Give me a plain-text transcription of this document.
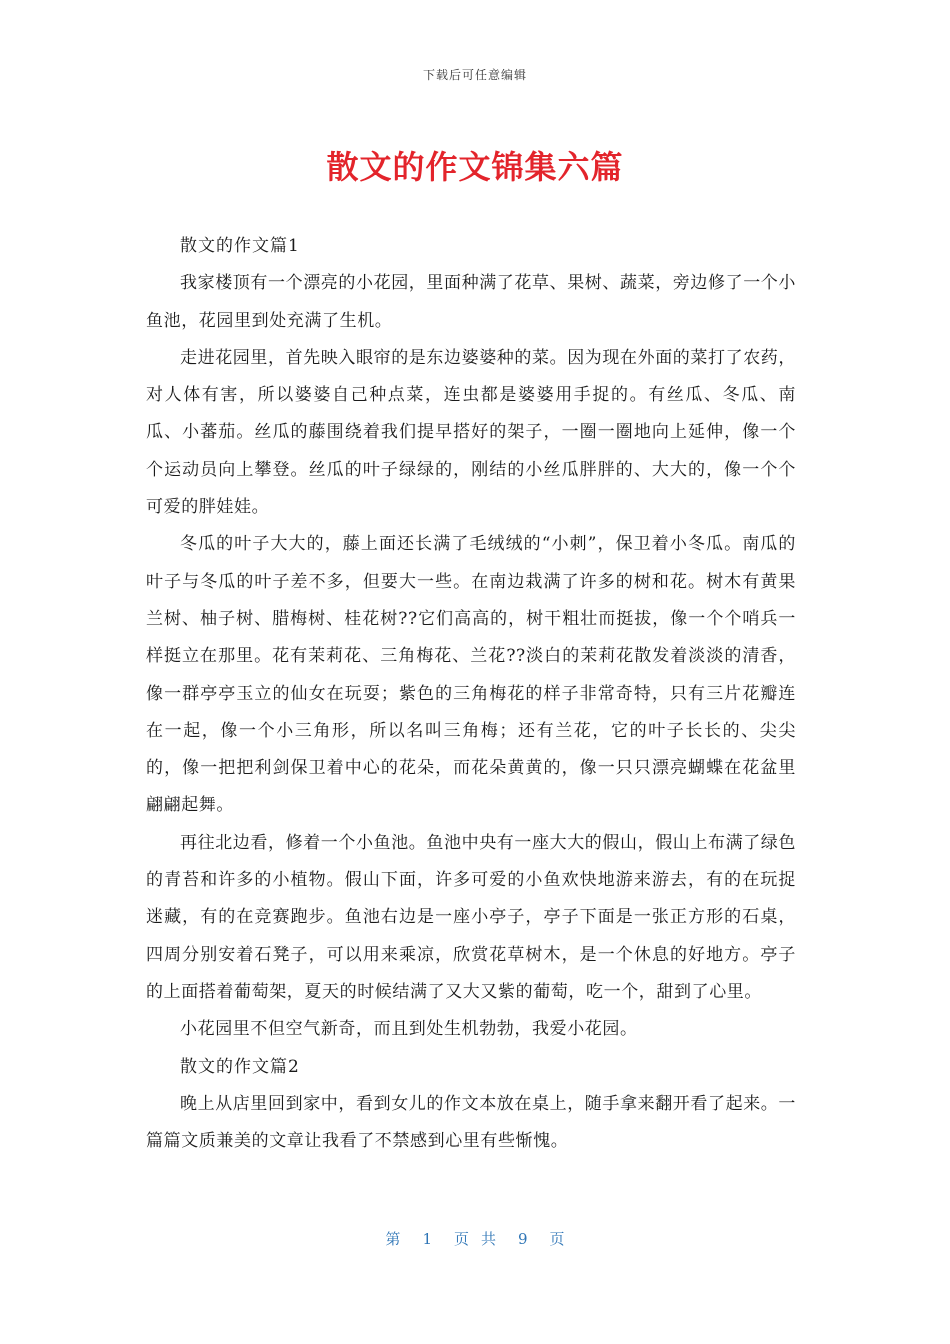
下载后可任意编辑
散文的作文锦集六篇

散文的作文篇1

我家楼顶有一个漂亮的小花园，里面种满了花草、果树、蔬菜，旁边修了一个小鱼池，花园里到处充满了生机。

走进花园里，首先映入眼帘的是东边婆婆种的菜。因为现在外面的菜打了农药，对人体有害，所以婆婆自己种点菜，连虫都是婆婆用手捉的。有丝瓜、冬瓜、南瓜、小蕃茄。丝瓜的藤围绕着我们提早搭好的架子，一圈一圈地向上延伸，像一个个运动员向上攀登。丝瓜的叶子绿绿的，刚结的小丝瓜胖胖的、大大的，像一个个可爱的胖娃娃。

冬瓜的叶子大大的，藤上面还长满了毛绒绒的“小刺”，保卫着小冬瓜。南瓜的叶子与冬瓜的叶子差不多，但要大一些。在南边栽满了许多的树和花。树木有黄果兰树、柚子树、腊梅树、桂花树??它们高高的，树干粗壮而挺拔，像一个个哨兵一样挺立在那里。花有茉莉花、三角梅花、兰花??淡白的茉莉花散发着淡淡的清香，像一群亭亭玉立的仙女在玩耍；紫色的三角梅花的样子非常奇特，只有三片花瓣连在一起，像一个小三角形，所以名叫三角梅；还有兰花，它的叶子长长的、尖尖的，像一把把利剑保卫着中心的花朵，而花朵黄黄的，像一只只漂亮蝴蝶在花盆里翩翩起舞。

再往北边看，修着一个小鱼池。鱼池中央有一座大大的假山，假山上布满了绿色的青苔和许多的小植物。假山下面，许多可爱的小鱼欢快地游来游去，有的在玩捉迷藏，有的在竞赛跑步。鱼池右边是一座小亭子，亭子下面是一张正方形的石桌，四周分别安着石凳子，可以用来乘凉，欣赏花草树木，是一个休息的好地方。亭子的上面搭着葡萄架，夏天的时候结满了又大又紫的葡萄，吃一个，甜到了心里。

小花园里不但空气新奇，而且到处生机勃勃，我爱小花园。

散文的作文篇2

晚上从店里回到家中，看到女儿的作文本放在桌上，随手拿来翻开看了起来。一篇篇文质兼美的文章让我看了不禁感到心里有些惭愧。

第 1 页共 9 页
